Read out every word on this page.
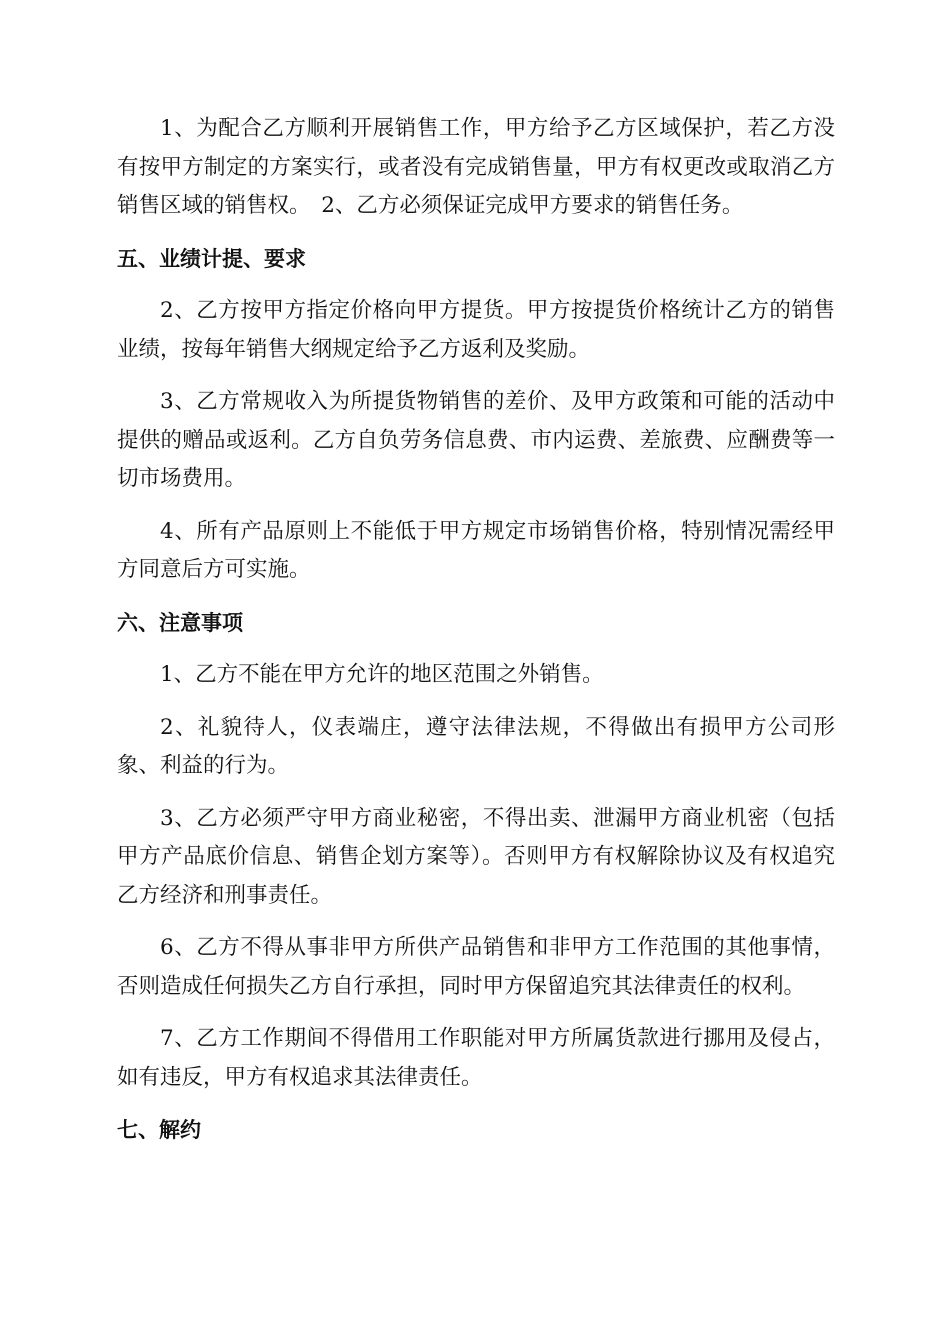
1、为配合乙方顺利开展销售工作，甲方给予乙方区域保护，若乙方没有按甲方制定的方案实行，或者没有完成销售量，甲方有权更改或取消乙方销售区域的销售权。　2、乙方必须保证完成甲方要求的销售任务。

五、业绩计提、要求

2、乙方按甲方指定价格向甲方提货。甲方按提货价格统计乙方的销售业绩，按每年销售大纲规定给予乙方返利及奖励。

3、乙方常规收入为所提货物销售的差价、及甲方政策和可能的活动中提供的赠品或返利。乙方自负劳务信息费、市内运费、差旅费、应酬费等一切市场费用。

4、所有产品原则上不能低于甲方规定市场销售价格，特别情况需经甲方同意后方可实施。

六、注意事项

1、乙方不能在甲方允许的地区范围之外销售。

2、礼貌待人，仪表端庄，遵守法律法规，不得做出有损甲方公司形象、利益的行为。

3、乙方必须严守甲方商业秘密，不得出卖、泄漏甲方商业机密（包括甲方产品底价信息、销售企划方案等）。否则甲方有权解除协议及有权追究乙方经济和刑事责任。

6、乙方不得从事非甲方所供产品销售和非甲方工作范围的其他事情，否则造成任何损失乙方自行承担，同时甲方保留追究其法律责任的权利。

7、乙方工作期间不得借用工作职能对甲方所属货款进行挪用及侵占，如有违反，甲方有权追求其法律责任。

七、解约
